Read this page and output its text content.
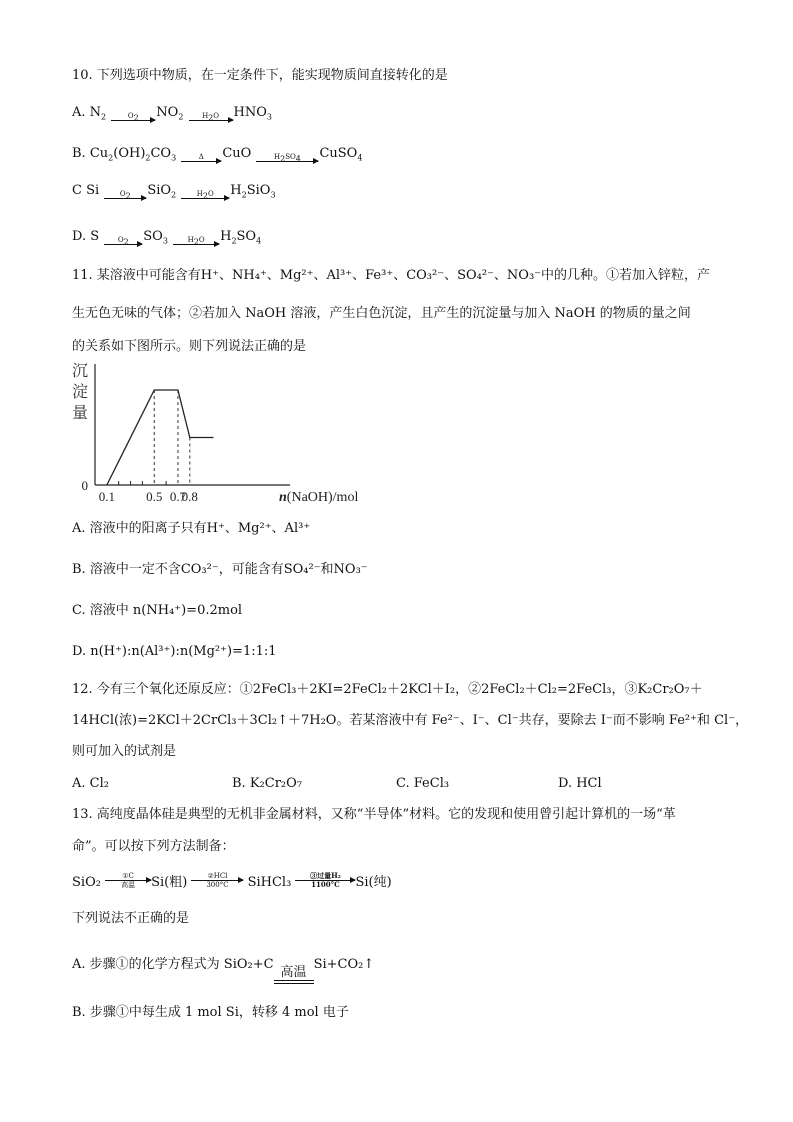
10. 下列选项中物质，在一定条件下，能实现物质间直接转化的是
A. $N_2$	$O_2$	$NO_2$	$H_2O$	$HNO_3$
B. $Cu_2(OH)_2CO_3$	Δ	CuO	$H_2SO_4$	CuSO$_4$
C Si	$O_2$	SiO$_2$	$H_2O$	$H_2SiO_3$
D. S	$O_2$	$SO_3$	$H_2O$	$H_2SO_4$
11. 某溶液中可能含有H⁺、NH₄⁺、Mg²⁺、Al³⁺、Fe³⁺、CO₃²⁻、SO₄²⁻、NO₃⁻中的几种。①若加入锌粒，产
生无色无味的气体；②若加入 NaOH 溶液，产生白色沉淀，且产生的沉淀量与加入 NaOH 的物质的量之间
的关系如下图所示。则下列说法正确的是
沉
淀
量
0.1 0.5 0.7
0.8
0
n(NaOH)/mol
A. 溶液中的阳离子只有H⁺、Mg²⁺、Al³⁺
B. 溶液中一定不含CO₃²⁻，可能含有SO₄²⁻和NO₃⁻
C. 溶液中 n(NH₄⁺)=0.2mol
D. n(H⁺):n(Al³⁺):n(Mg²⁺)=1:1:1
12. 今有三个氧化还原反应：①2FeCl₃＋2KI=2FeCl₂＋2KCl＋I₂，②2FeCl₂＋Cl₂=2FeCl₃，③K₂Cr₂O₇＋
14HCl(浓)=2KCl＋2CrCl₃＋3Cl₂↑＋7H₂O。若某溶液中有 Fe²⁻、I⁻、Cl⁻共存，要除去 I⁻而不影响 Fe²⁺和 Cl⁻，
则可加入的试剂是
A. Cl₂	B. K₂Cr₂O₇	C. FeCl₃	D. HCl
13. 高纯度晶体硅是典型的无机非金属材料，又称“半导体”材料。它的发现和使用曾引起计算机的一场“革
命”。可以按下列方法制备：
SiO₂	①C
高温	Si(粗)	②HCl
300°C	SiHCl₃	③过量H₂
1100°C	Si(纯)
下列说法不正确的是
A. 步骤①的化学方程式为 SiO₂+C
高温
Si+CO₂↑
B. 步骤①中每生成 1 mol Si，转移 4 mol 电子
